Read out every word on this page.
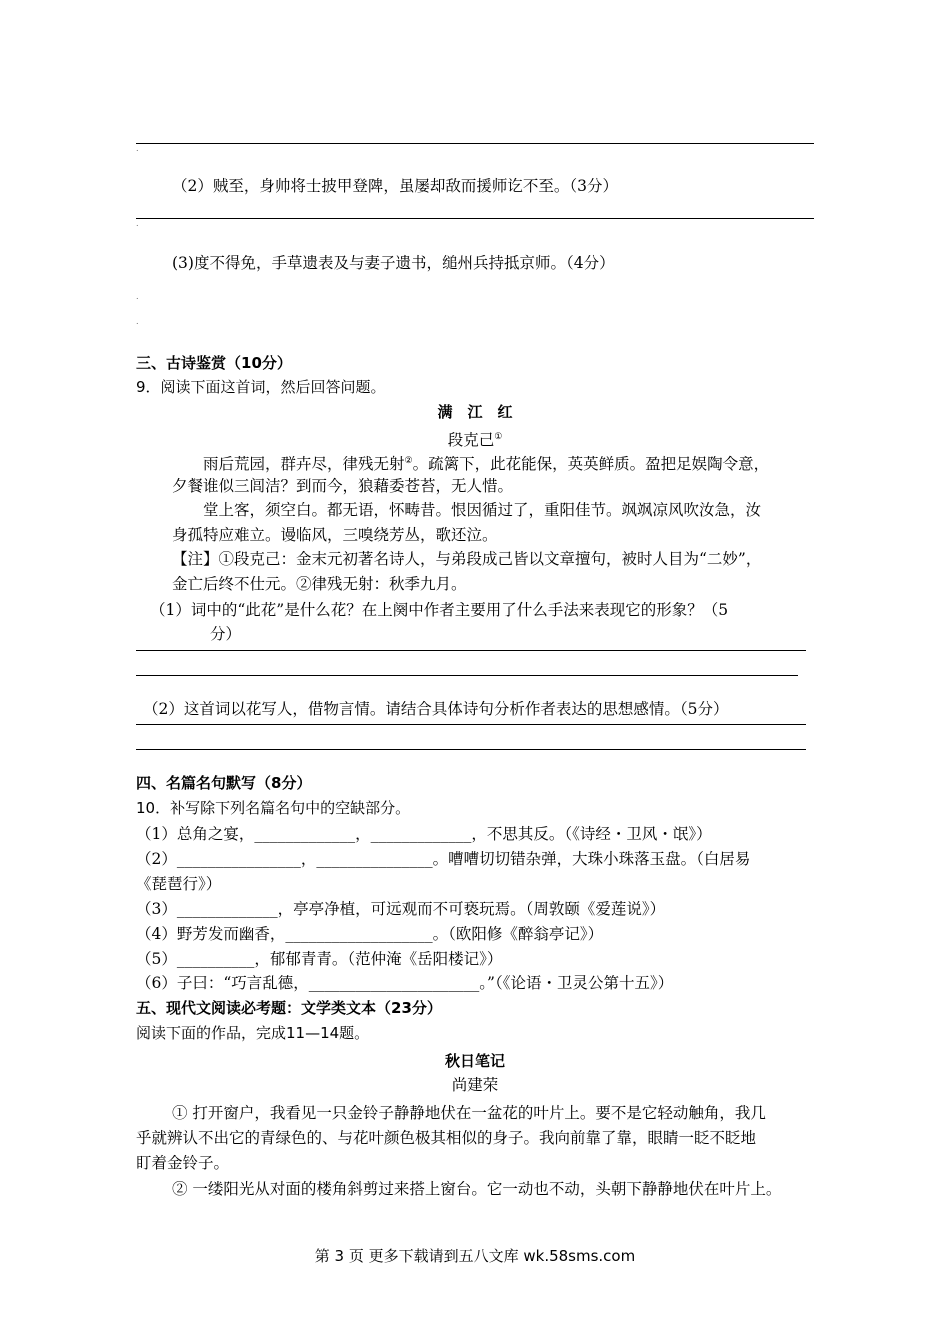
.
（2）贼至，身帅将士披甲登陴，虽屡却敌而援师讫不至。（3分）
.
(3)度不得免，手草遗表及与妻子遗书，缒州兵持抵京师。（4分）
.
.
三、古诗鉴赏（10分）
9．阅读下面这首词，然后回答问题。
满　江　红
段克己①
雨后荒园，群卉尽，律残无射②。疏篱下，此花能保，英英鲜质。盈把足娱陶令意，
夕餐谁似三闾洁？到而今，狼藉委苍苔，无人惜。
堂上客，须空白。都无语，怀畴昔。恨因循过了，重阳佳节。飒飒凉风吹汝急，汝
身孤特应难立。谩临风，三嗅绕芳丛，歌还泣。
【注】①段克己：金末元初著名诗人，与弟段成己皆以文章擅句，被时人目为“二妙”，
金亡后终不仕元。②律残无射：秋季九月。
（1）词中的“此花”是什么花？在上阕中作者主要用了什么手法来表现它的形象？（5
分）
（2）这首词以花写人，借物言情。请结合具体诗句分析作者表达的思想感情。（5分）
四、名篇名句默写（8分）
10．补写除下列名篇名句中的空缺部分。
（1）总角之宴，_____________，_____________，不思其反。（《诗经・卫风・氓》）
（2）________________，_______________。嘈嘈切切错杂弹，大珠小珠落玉盘。（白居易
《琵琶行》）
（3）_____________，亭亭净植，可远观而不可亵玩焉。（周敦颐《爱莲说》）
（4）野芳发而幽香，___________________。（欧阳修《醉翁亭记》）
（5）__________，郁郁青青。（范仲淹《岳阳楼记》）
（6）子曰：“巧言乱德，______________________。”（《论语・卫灵公第十五》）
五、现代文阅读必考题：文学类文本（23分）
阅读下面的作品，完成11—14题。
秋日笔记
尚建荣
① 打开窗户，我看见一只金铃子静静地伏在一盆花的叶片上。要不是它轻动触角，我几
乎就辨认不出它的青绿色的、与花叶颜色极其相似的身子。我向前靠了靠，眼睛一眨不眨地
盯着金铃子。
② 一缕阳光从对面的楼角斜剪过来搭上窗台。它一动也不动，头朝下静静地伏在叶片上。
第 3 页 更多下载请到五八文库 wk.58sms.com
